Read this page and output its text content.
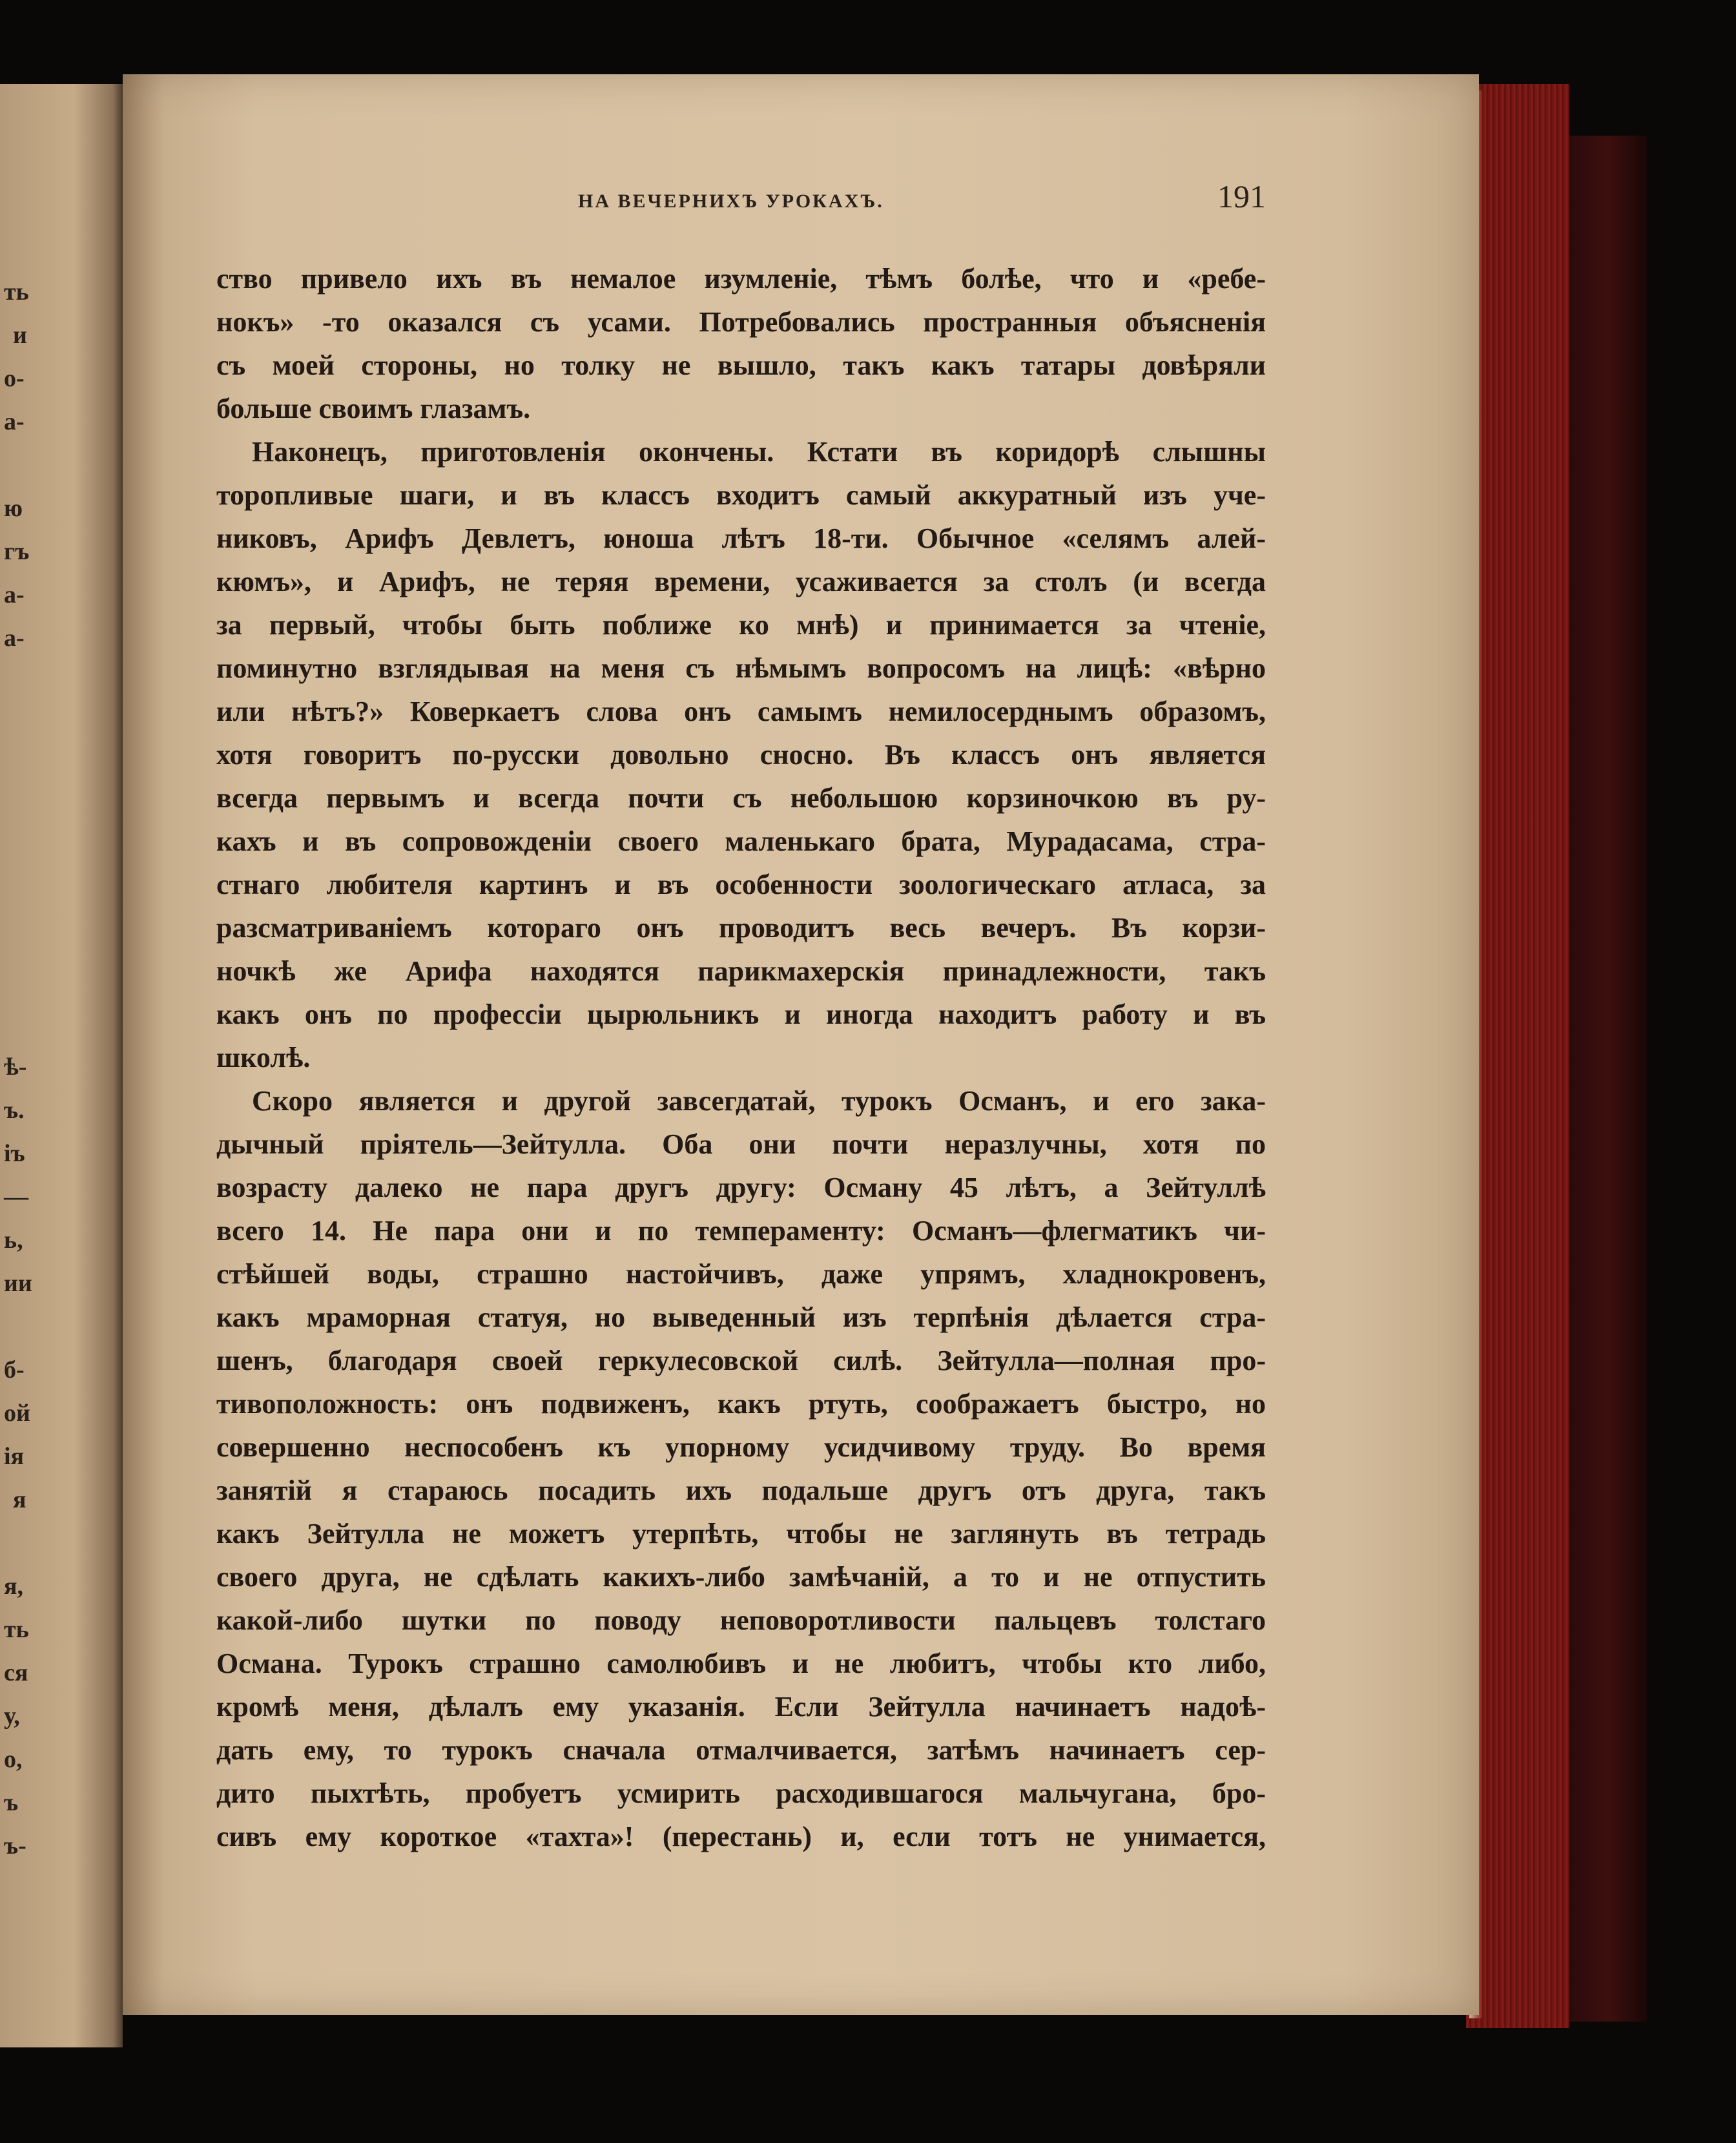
ть
и
о-
а-
ю
гъ
а-
а-
ѣ-
ъ.
іъ
—
ь,
ии
б-
ой
ія
я
я,
ть
ся
у,
о,
ъ
ъ-
НА ВЕЧЕРНИХЪ УРОКАХЪ.	191
ство привело ихъ въ немалое изумленіе, тѣмъ болѣе, что и «ребе-
нокъ» -то оказался съ усами. Потребовались пространныя объясненія
съ моей стороны, но толку не вышло, такъ какъ татары довѣряли
больше своимъ глазамъ.
Наконецъ, приготовленія окончены. Кстати въ коридорѣ слышны
торопливые шаги, и въ классъ входитъ самый аккуратный изъ уче-
никовъ, Арифъ Девлетъ, юноша лѣтъ 18-ти. Обычное «селямъ алей-
кюмъ», и Арифъ, не теряя времени, усаживается за столъ (и всегда
за первый, чтобы быть поближе ко мнѣ) и принимается за чтеніе,
поминутно взглядывая на меня съ нѣмымъ вопросомъ на лицѣ: «вѣрно
или нѣтъ?» Коверкаетъ слова онъ самымъ немилосерднымъ образомъ,
хотя говоритъ по-русски довольно сносно. Въ классъ онъ является
всегда первымъ и всегда почти съ небольшою корзиночкою въ ру-
кахъ и въ сопровожденіи своего маленькаго брата, Мурадасама, стра-
стнаго любителя картинъ и въ особенности зоологическаго атласа, за
разсматриваніемъ котораго онъ проводитъ весь вечеръ. Въ корзи-
ночкѣ же Арифа находятся парикмахерскія принадлежности, такъ
какъ онъ по профессіи цырюльникъ и иногда находитъ работу и въ
школѣ.
Скоро является и другой завсегдатай, турокъ Османъ, и его зака-
дычный пріятель—Зейтулла. Оба они почти неразлучны, хотя по
возрасту далеко не пара другъ другу: Осману 45 лѣтъ, а Зейтуллѣ
всего 14. Не пара они и по темпераменту: Османъ—флегматикъ чи-
стѣйшей воды, страшно настойчивъ, даже упрямъ, хладнокровенъ,
какъ мраморная статуя, но выведенный изъ терпѣнія дѣлается стра-
шенъ, благодаря своей геркулесовской силѣ. Зейтулла—полная про-
тивоположность: онъ подвиженъ, какъ ртуть, соображаетъ быстро, но
совершенно неспособенъ къ упорному усидчивому труду. Во время
занятій я стараюсь посадить ихъ подальше другъ отъ друга, такъ
какъ Зейтулла не можетъ утерпѣть, чтобы не заглянуть въ тетрадь
своего друга, не сдѣлать какихъ-либо замѣчаній, а то и не отпустить
какой-либо шутки по поводу неповоротливости пальцевъ толстаго
Османа. Турокъ страшно самолюбивъ и не любитъ, чтобы кто либо,
кромѣ меня, дѣлалъ ему указанія. Если Зейтулла начинаетъ надоѣ-
дать ему, то турокъ сначала отмалчивается, затѣмъ начинаетъ сер-
дито пыхтѣть, пробуетъ усмирить расходившагося мальчугана, бро-
сивъ ему короткое «тахта»! (перестань) и, если тотъ не унимается,
